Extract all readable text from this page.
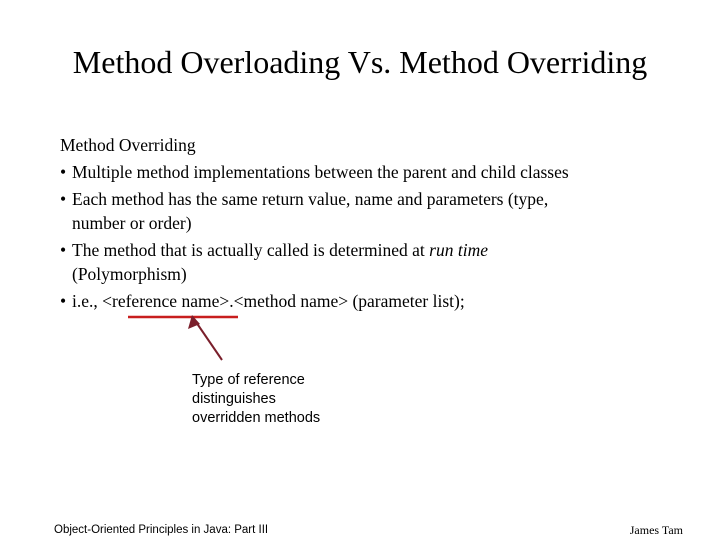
Method Overloading Vs. Method Overriding
Method Overriding
• Multiple method implementations between the parent and child classes
• Each method has the same return value, name and parameters (type,
number or order)
• The method that is actually called is determined at run time
(Polymorphism)
• i.e., <reference name>.<method name> (parameter list);
Type of reference
distinguishes
overridden methods
Object-Oriented Principles in Java: Part III	James Tam
